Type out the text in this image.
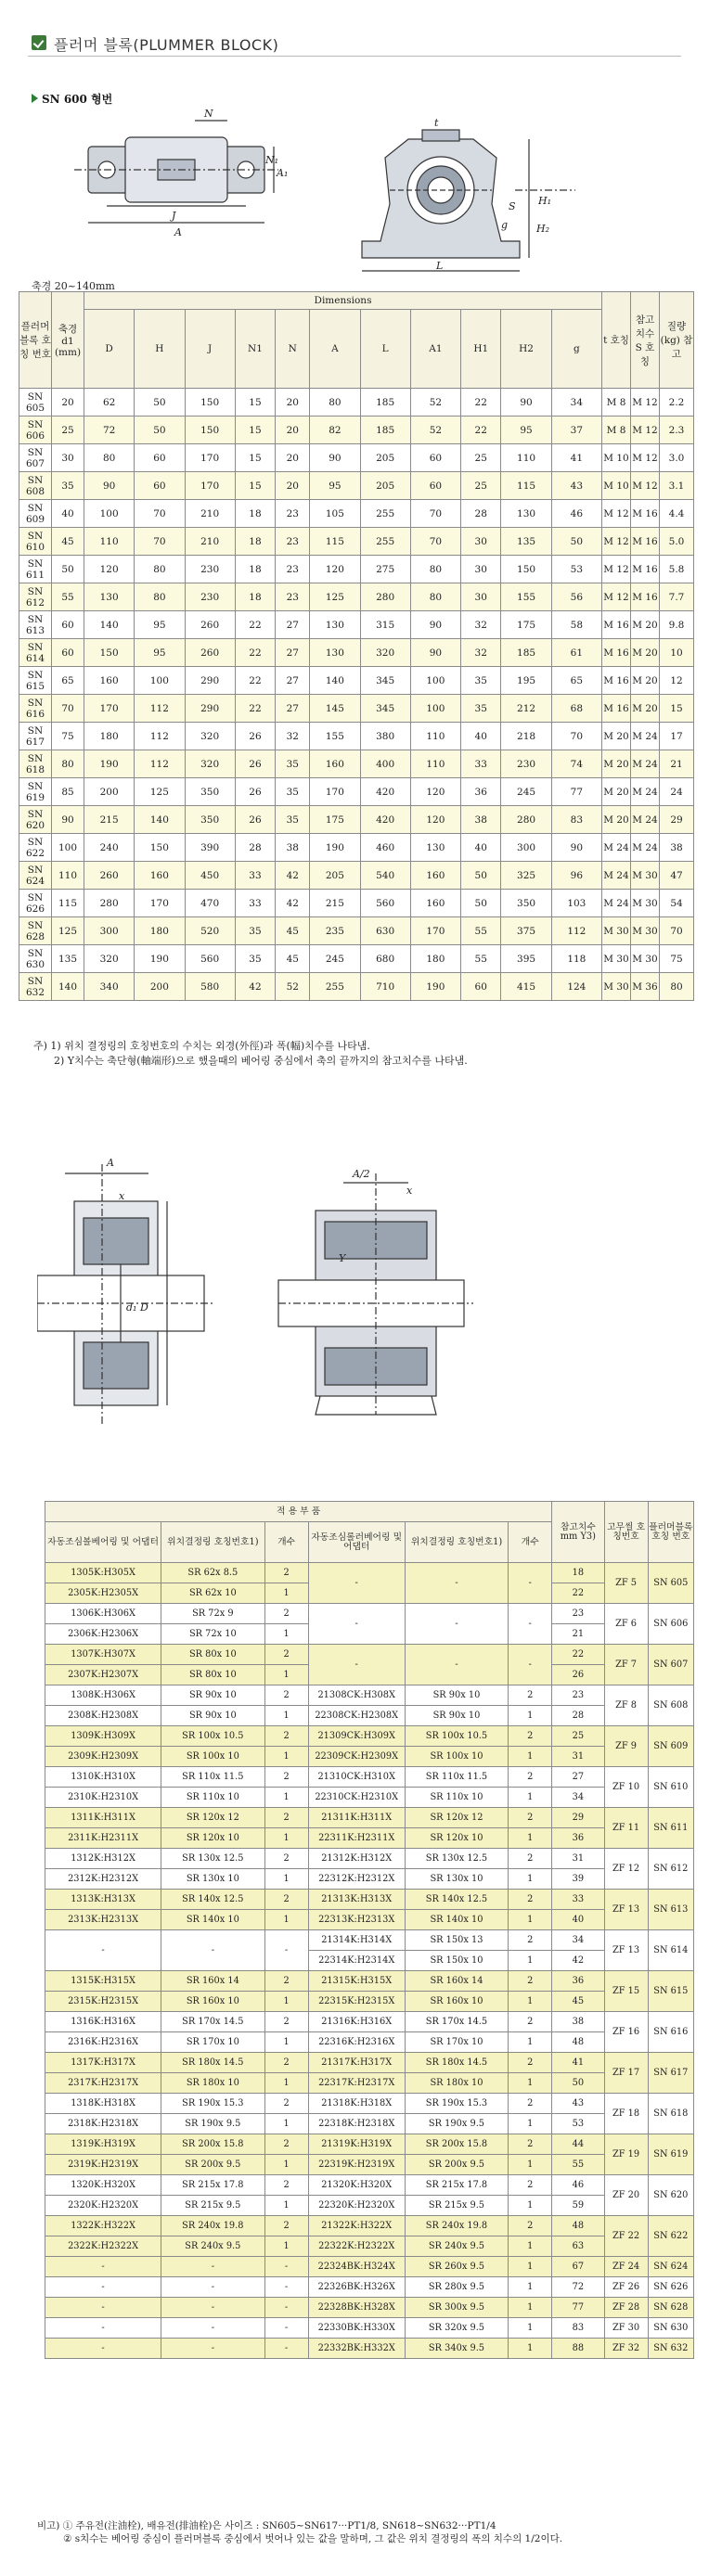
플러머 블록(PLUMMER BLOCK)
SN 600 형번
N
A₁
N₁
J
A
t
H₁
H₂
S
g
L
축경 20~140mm
플러머블록 호칭 번호	축경 d1 (mm)	Dimensions											t 호칭	참고치수 S 호칭	질량 (kg) 참고
		D	H	J	N1	N	A	L	A1	H1	H2	g			
SN 605	20	62	50	150	15	20	80	185	52	22	90	34	M 8	M 12	2.2
SN 606	25	72	50	150	15	20	82	185	52	22	95	37	M 8	M 12	2.3
SN 607	30	80	60	170	15	20	90	205	60	25	110	41	M 10	M 12	3.0
SN 608	35	90	60	170	15	20	95	205	60	25	115	43	M 10	M 12	3.1
SN 609	40	100	70	210	18	23	105	255	70	28	130	46	M 12	M 16	4.4
SN 610	45	110	70	210	18	23	115	255	70	30	135	50	M 12	M 16	5.0
SN 611	50	120	80	230	18	23	120	275	80	30	150	53	M 12	M 16	5.8
SN 612	55	130	80	230	18	23	125	280	80	30	155	56	M 12	M 16	7.7
SN 613	60	140	95	260	22	27	130	315	90	32	175	58	M 16	M 20	9.8
SN 614	60	150	95	260	22	27	130	320	90	32	185	61	M 16	M 20	10
SN 615	65	160	100	290	22	27	140	345	100	35	195	65	M 16	M 20	12
SN 616	70	170	112	290	22	27	145	345	100	35	212	68	M 16	M 20	15
SN 617	75	180	112	320	26	32	155	380	110	40	218	70	M 20	M 24	17
SN 618	80	190	112	320	26	35	160	400	110	33	230	74	M 20	M 24	21
SN 619	85	200	125	350	26	35	170	420	120	36	245	77	M 20	M 24	24
SN 620	90	215	140	350	26	35	175	420	120	38	280	83	M 20	M 24	29
SN 622	100	240	150	390	28	38	190	460	130	40	300	90	M 24	M 24	38
SN 624	110	260	160	450	33	42	205	540	160	50	325	96	M 24	M 30	47
SN 626	115	280	170	470	33	42	215	560	160	50	350	103	M 24	M 30	54
SN 628	125	300	180	520	35	45	235	630	170	55	375	112	M 30	M 30	70
SN 630	135	320	190	560	35	45	245	680	180	55	395	118	M 30	M 30	75
SN 632	140	340	200	580	42	52	255	710	190	60	415	124	M 30	M 36	80
주) 1) 위치 결정링의 호칭번호의 수치는 외경(外徑)과 폭(幅)치수를 나타냄.
2) Y치수는 축단형(軸端形)으로 했을때의 베어링 중심에서 축의 끝까지의 참고치수를 나타냄.
A
x
d₁ D
A/2
Y
x
적 용 부 품						참고치수 mm Y3)	고무씰 호칭번호	플러머블록 호칭 번호
자동조심볼베어링 및 어댑터	위치결정링 호칭번호1)	개수	자동조심롤러베어링 및 어댑터	위치결정링 호칭번호1)	개수			
1305K:H305X	SR 62x 8.5	2	-	-	-	18	ZF 5	SN 605
2305K:H2305X	SR 62x 10	1				22		
1306K:H306X	SR 72x 9	2	-	-	-	23	ZF 6	SN 606
2306K:H2306X	SR 72x 10	1				21		
1307K:H307X	SR 80x 10	2	-	-	-	22	ZF 7	SN 607
2307K:H2307X	SR 80x 10	1				26		
1308K:H306X	SR 90x 10	2	21308CK:H308X	SR 90x 10	2	23	ZF 8	SN 608
2308K:H2308X	SR 90x 10	1	22308CK:H2308X	SR 90x 10	1	28		
1309K:H309X	SR 100x 10.5	2	21309CK:H309X	SR 100x 10.5	2	25	ZF 9	SN 609
2309K:H2309X	SR 100x 10	1	22309CK:H2309X	SR 100x 10	1	31		
1310K:H310X	SR 110x 11.5	2	21310CK:H310X	SR 110x 11.5	2	27	ZF 10	SN 610
2310K:H2310X	SR 110x 10	1	22310CK:H2310X	SR 110x 10	1	34		
1311K:H311X	SR 120x 12	2	21311K:H311X	SR 120x 12	2	29	ZF 11	SN 611
2311K:H2311X	SR 120x 10	1	22311K:H2311X	SR 120x 10	1	36		
1312K:H312X	SR 130x 12.5	2	21312K:H312X	SR 130x 12.5	2	31	ZF 12	SN 612
2312K:H2312X	SR 130x 10	1	22312K:H2312X	SR 130x 10	1	39		
1313K:H313X	SR 140x 12.5	2	21313K:H313X	SR 140x 12.5	2	33	ZF 13	SN 613
2313K:H2313X	SR 140x 10	1	22313K:H2313X	SR 140x 10	1	40		
-	-	-	21314K:H314X	SR 150x 13	2	34	ZF 13	SN 614
			22314K:H2314X	SR 150x 10	1	42		
1315K:H315X	SR 160x 14	2	21315K:H315X	SR 160x 14	2	36	ZF 15	SN 615
2315K:H2315X	SR 160x 10	1	22315K:H2315X	SR 160x 10	1	45		
1316K:H316X	SR 170x 14.5	2	21316K:H316X	SR 170x 14.5	2	38	ZF 16	SN 616
2316K:H2316X	SR 170x 10	1	22316K:H2316X	SR 170x 10	1	48		
1317K:H317X	SR 180x 14.5	2	21317K:H317X	SR 180x 14.5	2	41	ZF 17	SN 617
2317K:H2317X	SR 180x 10	1	22317K:H2317X	SR 180x 10	1	50		
1318K:H318X	SR 190x 15.3	2	21318K:H318X	SR 190x 15.3	2	43	ZF 18	SN 618
2318K:H2318X	SR 190x 9.5	1	22318K:H2318X	SR 190x 9.5	1	53		
1319K:H319X	SR 200x 15.8	2	21319K:H319X	SR 200x 15.8	2	44	ZF 19	SN 619
2319K:H2319X	SR 200x 9.5	1	22319K:H2319X	SR 200x 9.5	1	55		
1320K:H320X	SR 215x 17.8	2	21320K:H320X	SR 215x 17.8	2	46	ZF 20	SN 620
2320K:H2320X	SR 215x 9.5	1	22320K:H2320X	SR 215x 9.5	1	59		
1322K:H322X	SR 240x 19.8	2	21322K:H322X	SR 240x 19.8	2	48	ZF 22	SN 622
2322K:H2322X	SR 240x 9.5	1	22322K:H2322X	SR 240x 9.5	1	63		
-	-	-	22324BK:H324X	SR 260x 9.5	1	67	ZF 24	SN 624
-	-	-	22326BK:H326X	SR 280x 9.5	1	72	ZF 26	SN 626
-	-	-	22328BK:H328X	SR 300x 9.5	1	77	ZF 28	SN 628
-	-	-	22330BK:H330X	SR 320x 9.5	1	83	ZF 30	SN 630
-	-	-	22332BK:H332X	SR 340x 9.5	1	88	ZF 32	SN 632
비고) ① 주유전(注油栓), 배유전(排油栓)은 사이즈 : SN605~SN617···PT1/8, SN618~SN632···PT1/4
② s치수는 베어링 중심이 플러머블록 중심에서 벗어나 있는 값을 말하며, 그 값은 위치 결정링의 폭의 치수의 1/2이다.
